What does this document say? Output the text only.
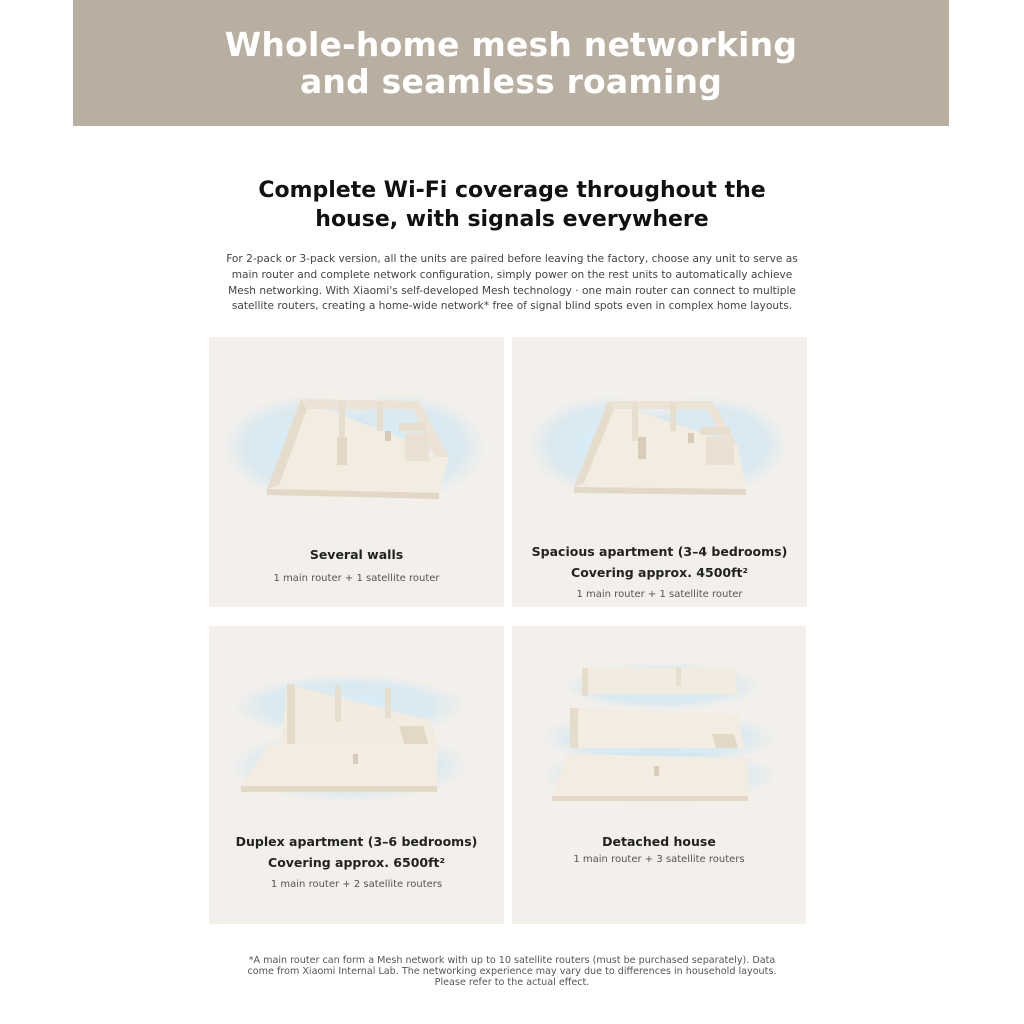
Whole-home mesh networking and seamless roaming
Complete Wi-Fi coverage throughout the house, with signals everywhere

For 2-pack or 3-pack version, all the units are paired before leaving the factory, choose any unit to serve as main router and complete network configuration, simply power on the rest units to automatically achieve Mesh networking. With Xiaomi's self-developed Mesh technology · one main router can connect to multiple satellite routers, creating a home-wide network* free of signal blind spots even in complex home layouts.

Several walls

1 main router + 1 satellite router

Spacious apartment (3–4 bedrooms)

Covering approx. 4500ft²

1 main router + 1 satellite router

Duplex apartment (3–6 bedrooms)

Covering approx. 6500ft²

1 main router + 2 satellite routers

Detached house

1 main router + 3 satellite routers

*A main router can form a Mesh network with up to 10 satellite routers (must be purchased separately). Data come from Xiaomi Internal Lab. The networking experience may vary due to differences in household layouts. Please refer to the actual effect.
